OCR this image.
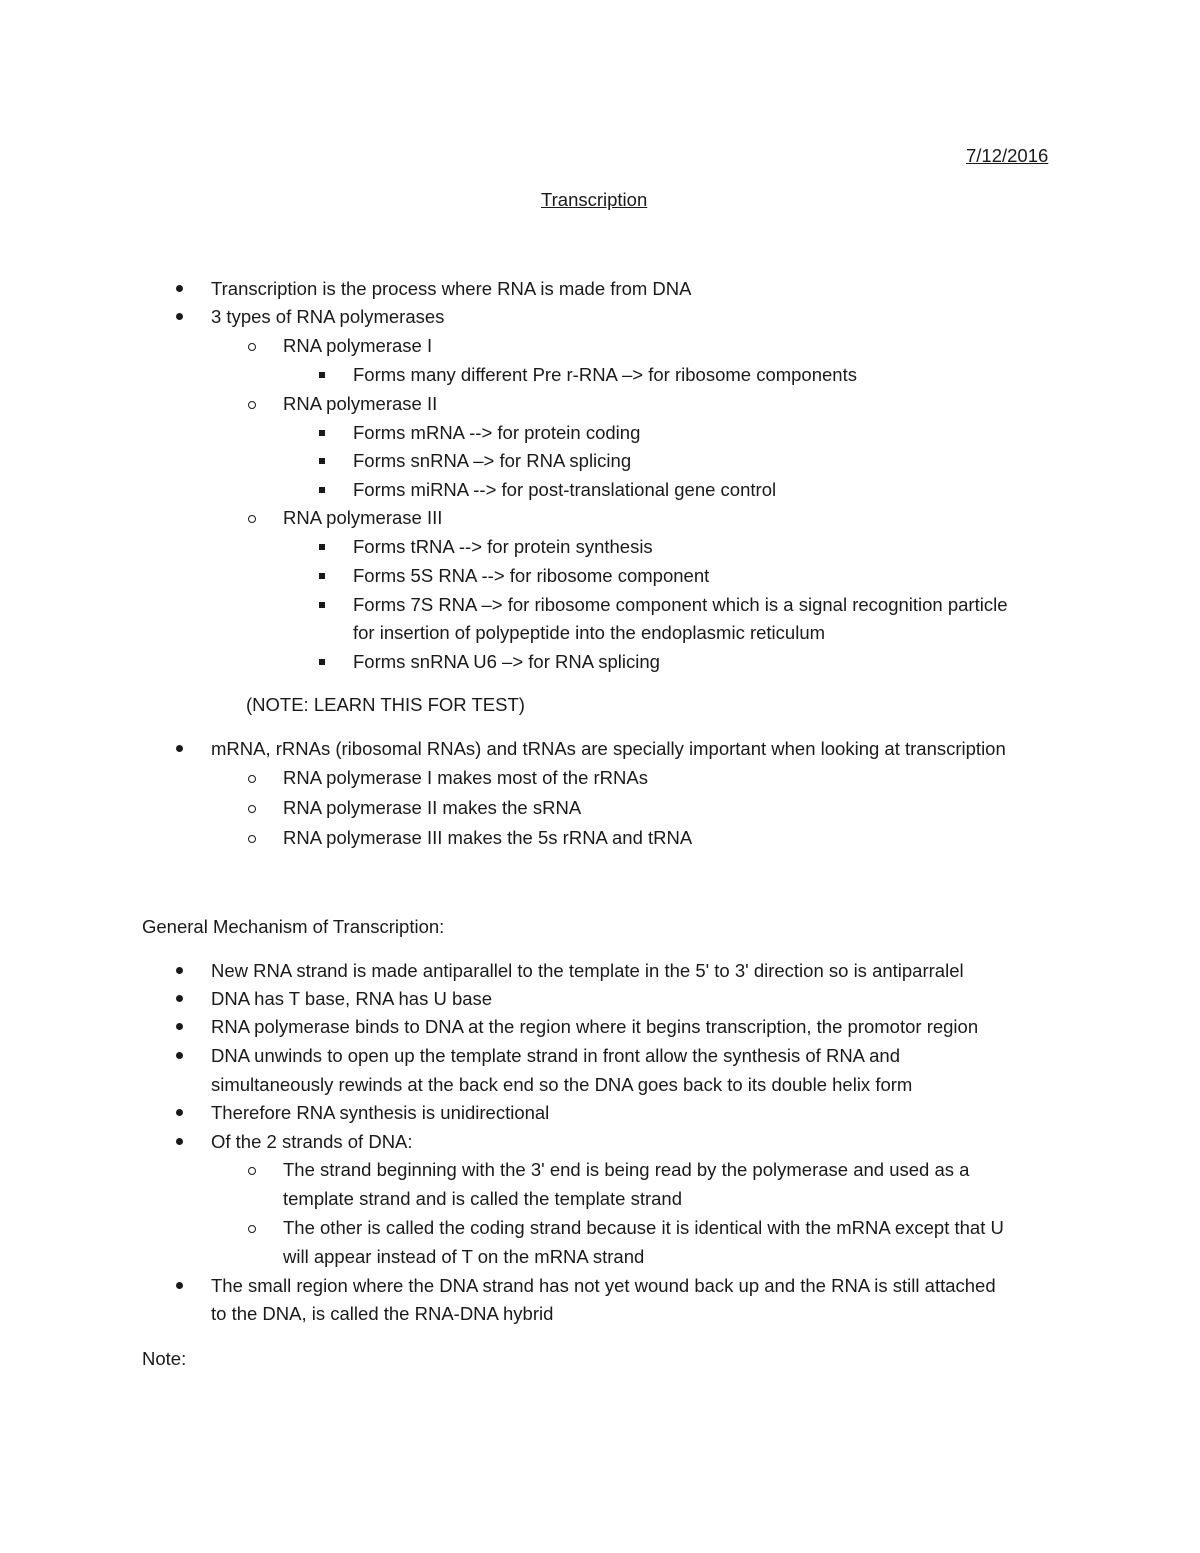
7/12/2016
Transcription
Transcription is the process where RNA is made from DNA
3 types of RNA polymerases
RNA polymerase I
Forms many different Pre r-RNA –> for ribosome components
RNA polymerase II
Forms mRNA --> for protein coding
Forms snRNA –> for RNA splicing
Forms miRNA --> for post-translational gene control
RNA polymerase III
Forms tRNA --> for protein synthesis
Forms 5S RNA --> for ribosome component
Forms 7S RNA –> for ribosome component which is a signal recognition particle
for insertion of polypeptide into the endoplasmic reticulum
Forms snRNA U6 –> for RNA splicing
(NOTE: LEARN THIS FOR TEST)
mRNA, rRNAs (ribosomal RNAs) and tRNAs are specially important when looking at transcription
RNA polymerase I makes most of the rRNAs
RNA polymerase II makes the sRNA
RNA polymerase III makes the 5s rRNA and tRNA
General Mechanism of Transcription:
New RNA strand is made antiparallel to the template in the 5' to 3' direction so is antiparralel
DNA has T base, RNA has U base
RNA polymerase binds to DNA at the region where it begins transcription, the promotor region
DNA unwinds to open up the template strand in front allow the synthesis of RNA and
simultaneously rewinds at the back end so the DNA goes back to its double helix form
Therefore RNA synthesis is unidirectional
Of the 2 strands of DNA:
The strand beginning with the 3' end is being read by the polymerase and used as a
template strand and is called the template strand
The other is called the coding strand because it is identical with the mRNA except that U
will appear instead of T on the mRNA strand
The small region where the DNA strand has not yet wound back up and the RNA is still attached
to the DNA, is called the RNA-DNA hybrid
Note:
